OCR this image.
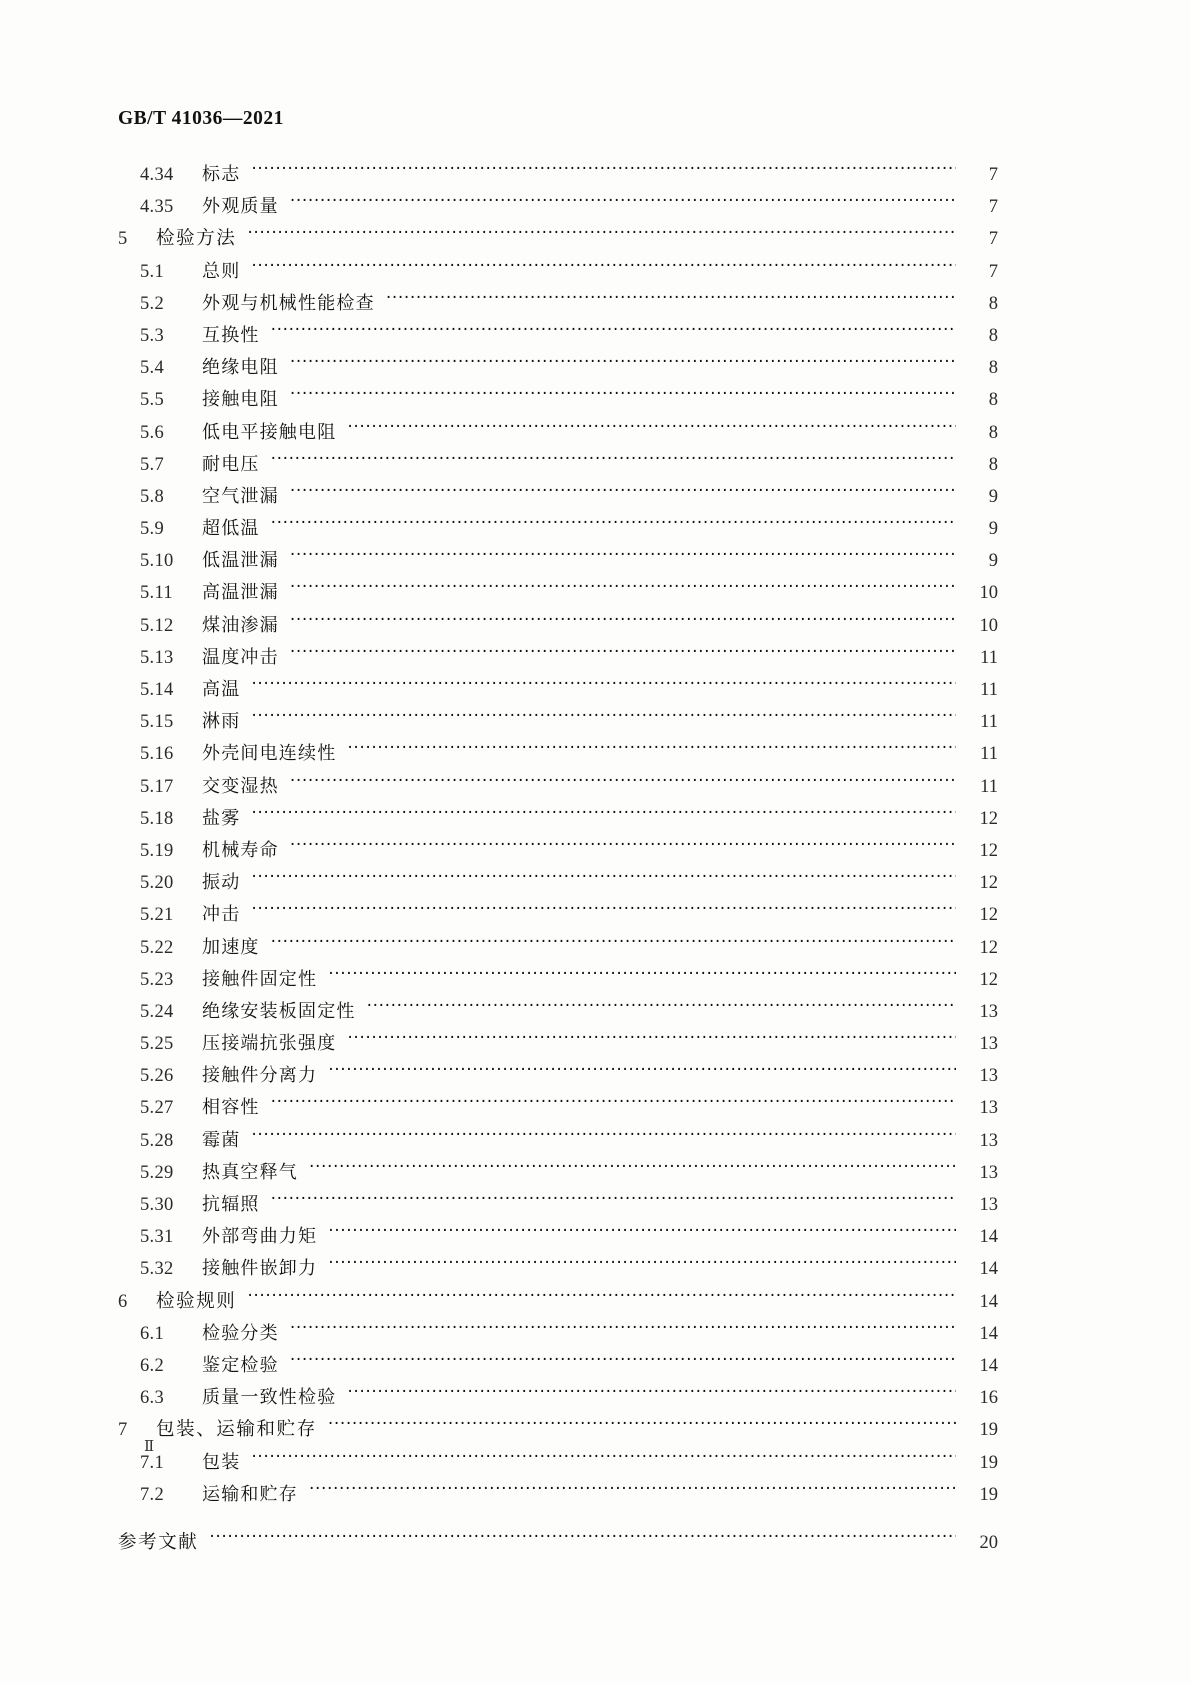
GB/T 41036—2021
4.34	标志 ·····	7
4.35	外观质量 ·····	7
5	检验方法 ·····	7
5.1	总则 ·····	7
5.2	外观与机械性能检查 ·····	8
5.3	互换性 ·····	8
5.4	绝缘电阻 ·····	8
5.5	接触电阻 ·····	8
5.6	低电平接触电阻 ·····	8
5.7	耐电压 ·····	8
5.8	空气泄漏 ·····	9
5.9	超低温 ·····	9
5.10	低温泄漏 ·····	9
5.11	高温泄漏 ·····	10
5.12	煤油渗漏 ·····	10
5.13	温度冲击 ·····	11
5.14	高温 ·····	11
5.15	淋雨 ·····	11
5.16	外壳间电连续性 ·····	11
5.17	交变湿热 ·····	11
5.18	盐雾 ·····	12
5.19	机械寿命 ·····	12
5.20	振动 ·····	12
5.21	冲击 ·····	12
5.22	加速度 ·····	12
5.23	接触件固定性 ·····	12
5.24	绝缘安装板固定性 ·····	13
5.25	压接端抗张强度 ·····	13
5.26	接触件分离力 ·····	13
5.27	相容性 ·····	13
5.28	霉菌 ·····	13
5.29	热真空释气 ·····	13
5.30	抗辐照 ·····	13
5.31	外部弯曲力矩 ·····	14
5.32	接触件嵌卸力 ·····	14
6	检验规则 ·····	14
6.1	检验分类 ·····	14
6.2	鉴定检验 ·····	14
6.3	质量一致性检验 ·····	16
7	包装、运输和贮存 ·····	19
7.1	包装 ·····	19
7.2	运输和贮存 ·····	19
参考文献 ·····	20
Ⅱ
